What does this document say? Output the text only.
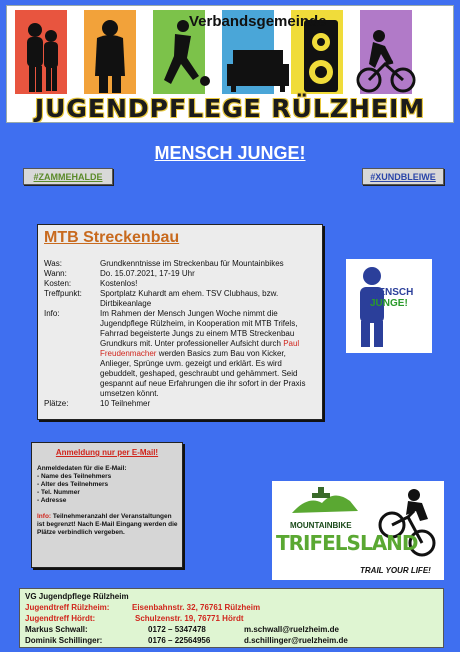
Verbandsgemeinde
JUGENDPFLEGE RÜLZHEIM
MENSCH JUNGE!
#ZAMMEHALDE	#XUNDBLEIWE
MTB Streckenbau
Was:	Grundkenntnisse im Streckenbau für Mountainbikes
Wann:	Do. 15.07.2021, 17-19 Uhr
Kosten:	Kostenlos!
Treffpunkt:	Sportplatz Kuhardt am ehem. TSV Clubhaus, bzw. Dirtbikeanlage
Info:	Im Rahmen der Mensch Jungen Woche nimmt die Jugendpflege Rülzheim, in Kooperation mit MTB Trifels, Fahrrad begeisterte Jungs zu einem MTB Streckenbau Grundkurs mit. Unter professioneller Aufsicht durch Paul Freudenmacher werden Basics zum Bau von Kicker, Anlieger, Sprünge uvm. gezeigt und erklärt. Es wird gebuddelt, geshaped, geschraubt und gehämmert. Seid gespannt auf neue Erfahrungen die ihr sofort in der Praxis umsetzen könnt.
Plätze:	10 Teilnehmer
MENSCH
JUNGE!
Anmeldung nur per E-Mail!
Anmeldedaten für die E-Mail:
- Name des Teilnehmers
- Alter des Teilnehmers
- Tel. Nummer
- Adresse
Info: Teilnehmeranzahl der Veranstaltungen ist begrenzt! Nach E-Mail Eingang werden die Plätze verbindlich vergeben.
MOUNTAINBIKE
TRIFELSLAND
TRAIL YOUR LIFE!
VG Jugendpflege Rülzheim
Jugendtreff Rülzheim:	Eisenbahnstr. 32, 76761 Rülzheim
Jugendtreff Hördt:	Schulzenstr. 19, 76771 Hördt
Markus Schwall:	0172 – 5347478	m.schwall@ruelzheim.de
Dominik Schillinger:	0176 – 22564956	d.schillinger@ruelzheim.de
